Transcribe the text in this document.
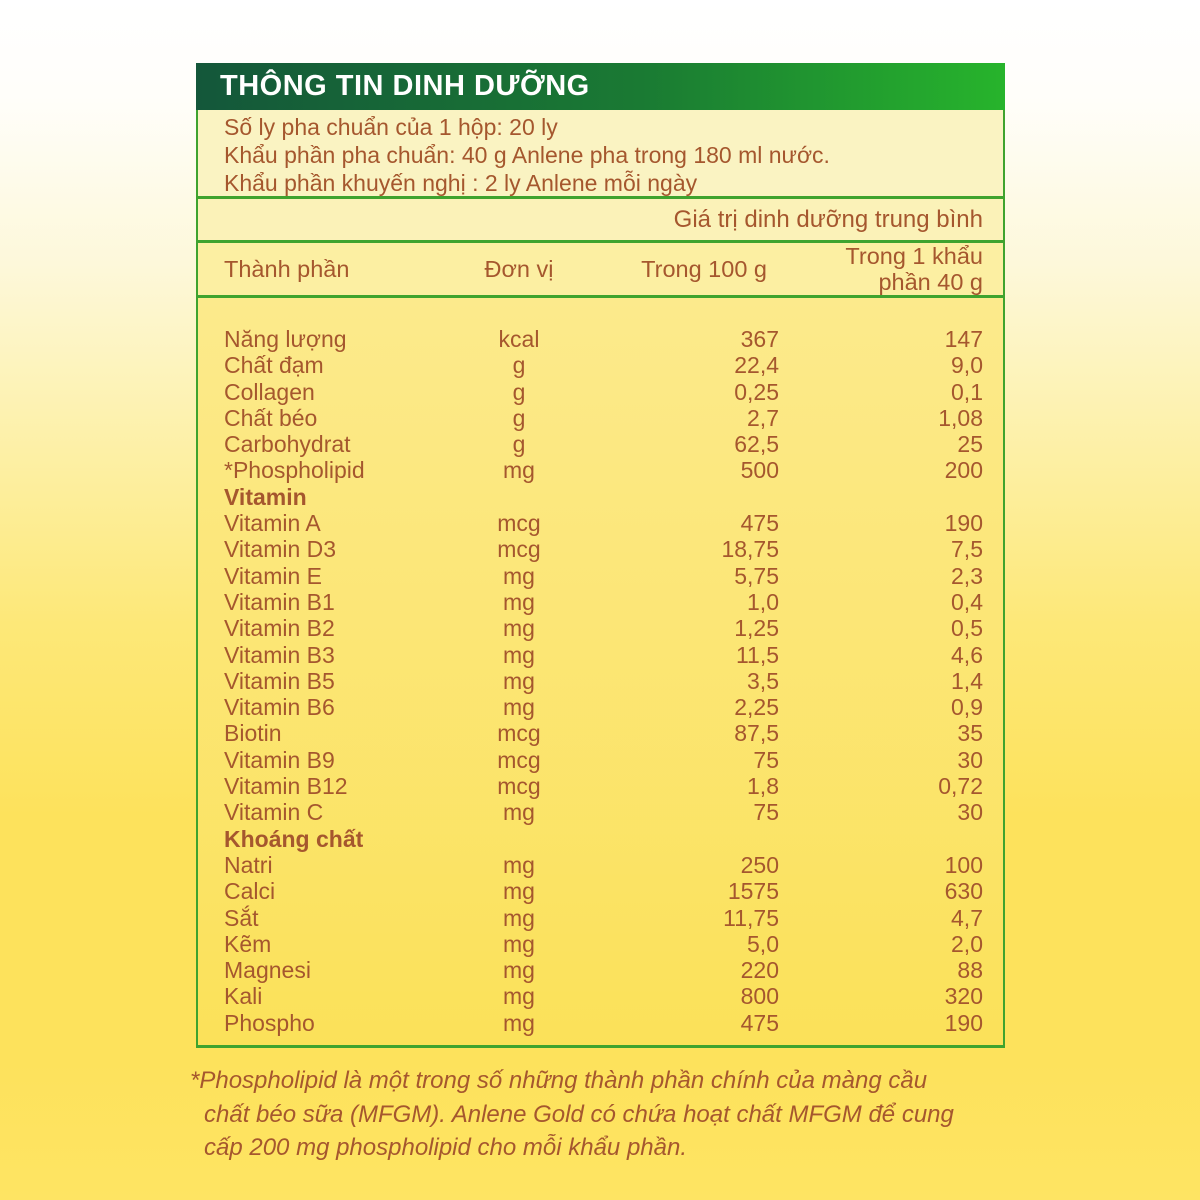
THÔNG TIN DINH DƯỠNG
Số ly pha chuẩn của 1 hộp: 20 ly
Khẩu phần pha chuẩn: 40 g Anlene pha trong 180 ml nước.
Khẩu phần khuyến nghị : 2 ly Anlene mỗi ngày
Giá trị dinh dưỡng trung bình
Thành phần	Đơn vị	Trong 100 g	Trong 1 khẩu
phần 40 g
Năng lượng	kcal	367	147
Chất đạm	g	22,4	9,0
Collagen	g	0,25	0,1
Chất béo	g	2,7	1,08
Carbohydrat	g	62,5	25
*Phospholipid	mg	500	200
Vitamin
Vitamin A	mcg	475	190
Vitamin D3	mcg	18,75	7,5
Vitamin E	mg	5,75	2,3
Vitamin B1	mg	1,0	0,4
Vitamin B2	mg	1,25	0,5
Vitamin B3	mg	11,5	4,6
Vitamin B5	mg	3,5	1,4
Vitamin B6	mg	2,25	0,9
Biotin	mcg	87,5	35
Vitamin B9	mcg	75	30
Vitamin B12	mcg	1,8	0,72
Vitamin C	mg	75	30
Khoáng chất
Natri	mg	250	100
Calci	mg	1575	630
Sắt	mg	11,75	4,7
Kẽm	mg	5,0	2,0
Magnesi	mg	220	88
Kali	mg	800	320
Phospho	mg	475	190
*Phospholipid là một trong số những thành phần chính của màng cầu
chất béo sữa (MFGM). Anlene Gold có chứa hoạt chất MFGM để cung
cấp 200 mg phospholipid cho mỗi khẩu phần.
